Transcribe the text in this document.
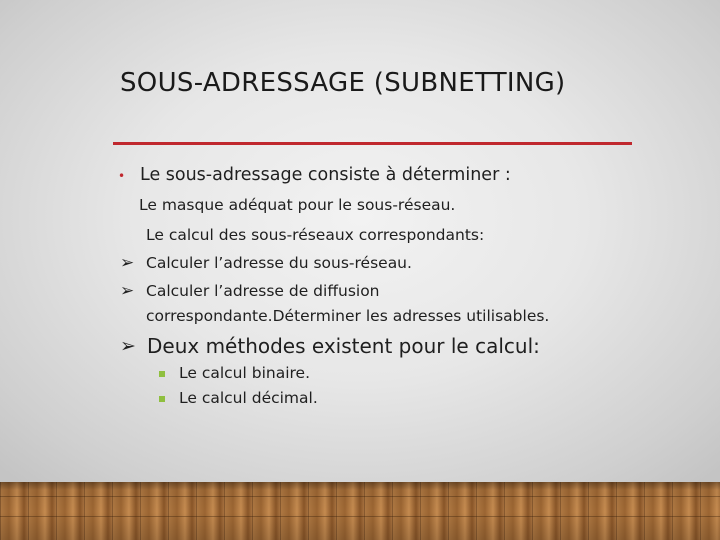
SOUS-ADRESSAGE (SUBNETTING)
• Le sous-adressage consiste à déterminer :
Le masque adéquat pour le sous-réseau.
Le calcul des sous-réseaux correspondants:
➢ Calculer l’adresse du sous-réseau.
➢ Calculer l’adresse de diffusion
correspondante.Déterminer les adresses utilisables.
➢ Deux méthodes existent pour le calcul:
Le calcul binaire.
Le calcul décimal.
